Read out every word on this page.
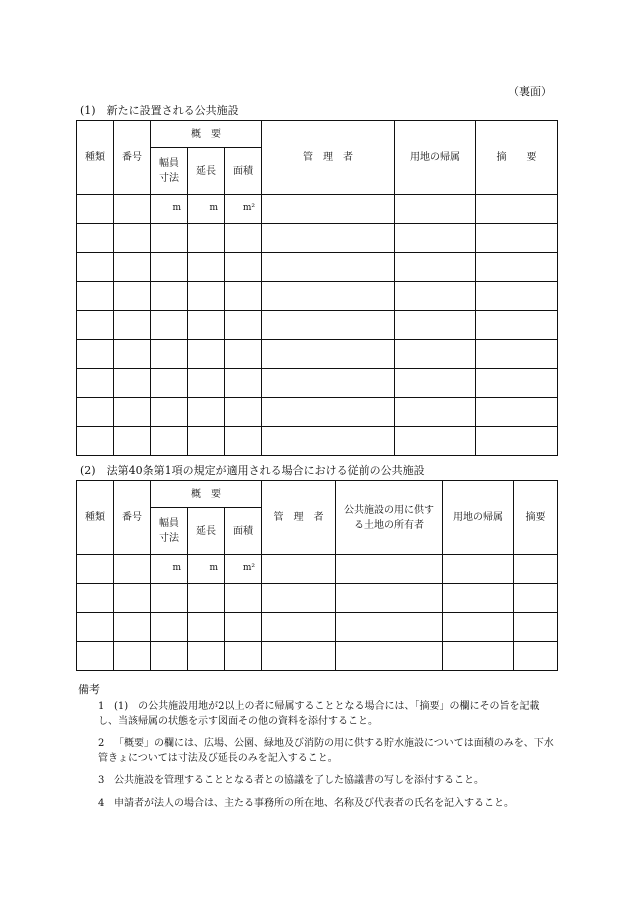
（裏面）
(1)　新たに設置される公共施設
種類	番号	概　要			管　理　者	用地の帰属	摘　　要
		幅員寸法	延長	面積			
		m	m	m²			

(2)　法第40条第1項の規定が適用される場合における従前の公共施設
種類	番号	概　要			管　理　者	公共施設の用に供する土地の所有者	用地の帰属	摘要
		幅員寸法	延長	面積				
		m	m	m²				

備考
1 (1)　の公共施設用地が2以上の者に帰属することとなる場合には、「摘要」の欄にその旨を記載し、当該帰属の状態を示す図面その他の資料を添付すること。
2 「概要」の欄には、広場、公園、緑地及び消防の用に供する貯水施設については面積のみを、下水管きょについては寸法及び延長のみを記入すること。
3 公共施設を管理することとなる者との協議を了した協議書の写しを添付すること。
4 申請者が法人の場合は、主たる事務所の所在地、名称及び代表者の氏名を記入すること。
